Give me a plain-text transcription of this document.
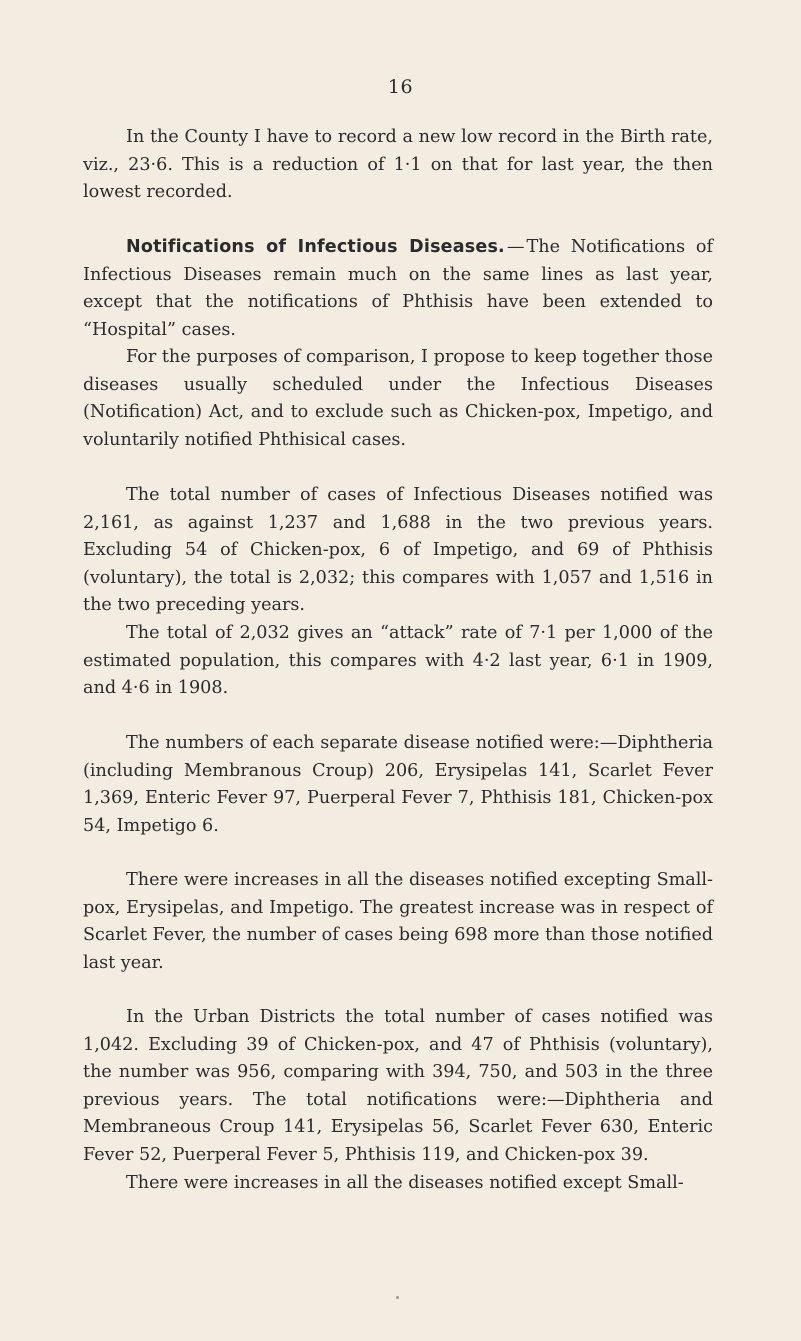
16

In the County I have to record a new low record in the Birth rate, viz., 23·6. This is a reduction of 1·1 on that for last year, the then lowest recorded.

Notifications of Infectious Diseases. — The Notifications of Infectious Diseases remain much on the same lines as last year, except that the notifications of Phthisis have been extended to “Hospital” cases.

For the purposes of comparison, I propose to keep together those diseases usually scheduled under the Infectious Diseases (Notification) Act, and to exclude such as Chicken-pox, Impetigo, and voluntarily notified Phthisical cases.

The total number of cases of Infectious Diseases notified was 2,161, as against 1,237 and 1,688 in the two previous years. Excluding 54 of Chicken-pox, 6 of Impetigo, and 69 of Phthisis (voluntary), the total is 2,032; this compares with 1,057 and 1,516 in the two preceding years.

The total of 2,032 gives an “attack” rate of 7·1 per 1,000 of the estimated population, this compares with 4·2 last year, 6·1 in 1909, and 4·6 in 1908.

The numbers of each separate disease notified were:—Diphtheria (including Membranous Croup) 206, Erysipelas 141, Scarlet Fever 1,369, Enteric Fever 97, Puerperal Fever 7, Phthisis 181, Chicken-pox 54, Impetigo 6.

There were increases in all the diseases notified excepting Small-pox, Erysipelas, and Impetigo. The greatest increase was in respect of Scarlet Fever, the number of cases being 698 more than those notified last year.

In the Urban Districts the total number of cases notified was 1,042. Excluding 39 of Chicken-pox, and 47 of Phthisis (voluntary), the number was 956, comparing with 394, 750, and 503 in the three previous years. The total notifications were:—Diphtheria and Membraneous Croup 141, Erysipelas 56, Scarlet Fever 630, Enteric Fever 52, Puerperal Fever 5, Phthisis 119, and Chicken-pox 39.

There were increases in all the diseases notified except Small-
